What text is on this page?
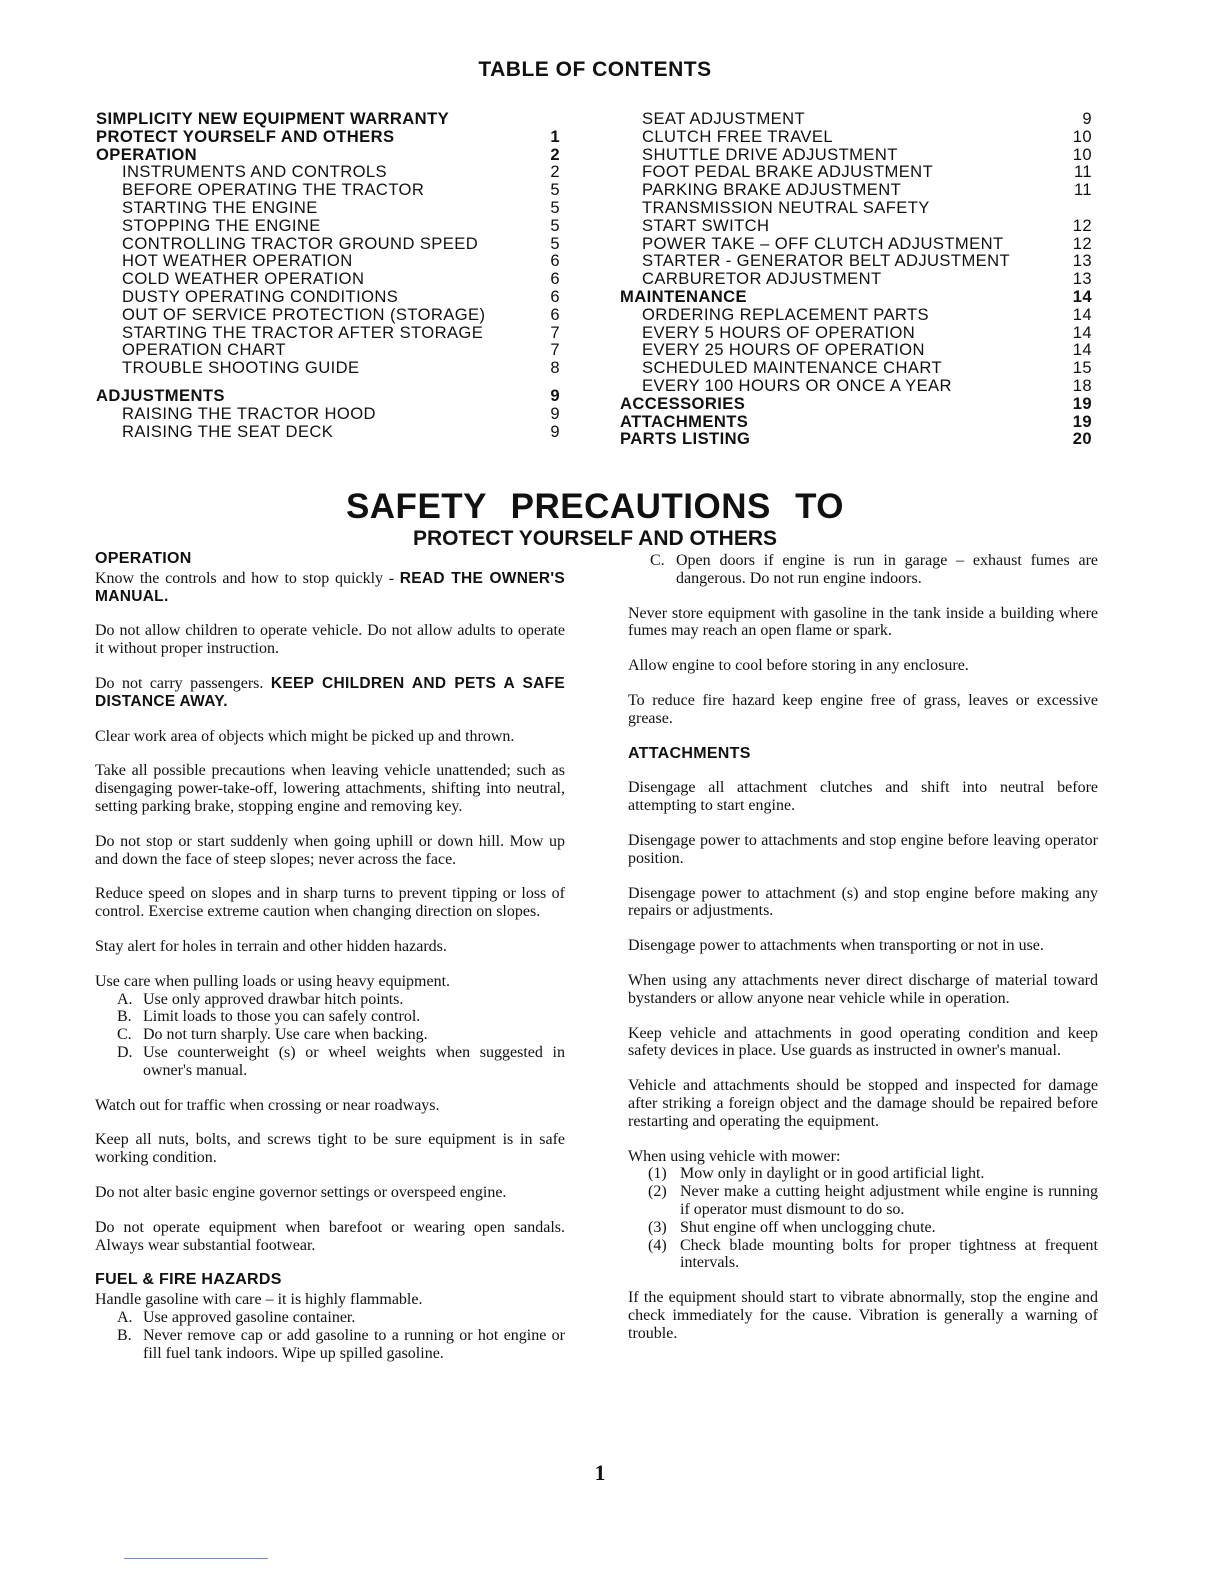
TABLE OF CONTENTS
SIMPLICITY NEW EQUIPMENT WARRANTY
PROTECT YOURSELF AND OTHERS	1
OPERATION	2
INSTRUMENTS AND CONTROLS	2
BEFORE OPERATING THE TRACTOR	5
STARTING THE ENGINE	5
STOPPING THE ENGINE	5
CONTROLLING TRACTOR GROUND SPEED	5
HOT WEATHER OPERATION	6
COLD WEATHER OPERATION	6
DUSTY OPERATING CONDITIONS	6
OUT OF SERVICE PROTECTION (STORAGE)	6
STARTING THE TRACTOR AFTER STORAGE	7
OPERATION CHART	7
TROUBLE SHOOTING GUIDE	8
ADJUSTMENTS	9
RAISING THE TRACTOR HOOD	9
RAISING THE SEAT DECK	9
SEAT ADJUSTMENT	9
CLUTCH FREE TRAVEL	10
SHUTTLE DRIVE ADJUSTMENT	10
FOOT PEDAL BRAKE ADJUSTMENT	11
PARKING BRAKE ADJUSTMENT	11
TRANSMISSION NEUTRAL SAFETY
START SWITCH	12
POWER TAKE – OFF CLUTCH ADJUSTMENT	12
STARTER - GENERATOR BELT ADJUSTMENT	13
CARBURETOR ADJUSTMENT	13
MAINTENANCE	14
ORDERING REPLACEMENT PARTS	14
EVERY 5 HOURS OF OPERATION	14
EVERY 25 HOURS OF OPERATION	14
SCHEDULED MAINTENANCE CHART	15
EVERY 100 HOURS OR ONCE A YEAR	18
ACCESSORIES	19
ATTACHMENTS	19
PARTS LISTING	20
SAFETY PRECAUTIONS TO
PROTECT YOURSELF AND OTHERS
OPERATION

Know the controls and how to stop quickly - READ THE OWNER'S MANUAL.

Do not allow children to operate vehicle. Do not allow adults to operate it without proper instruction.

Do not carry passengers. KEEP CHILDREN AND PETS A SAFE DISTANCE AWAY.

Clear work area of objects which might be picked up and thrown.

Take all possible precautions when leaving vehicle unattended; such as disengaging power-take-off, lowering attachments, shifting into neutral, setting parking brake, stopping engine and removing key.

Do not stop or start suddenly when going uphill or down hill. Mow up and down the face of steep slopes; never across the face.

Reduce speed on slopes and in sharp turns to prevent tipping or loss of control. Exercise extreme caution when changing direction on slopes.

Stay alert for holes in terrain and other hidden hazards.

Use care when pulling loads or using heavy equipment.
A. Use only approved drawbar hitch points.
B. Limit loads to those you can safely control.
C. Do not turn sharply. Use care when backing.
D. Use counterweight (s) or wheel weights when suggested in owner's manual.

Watch out for traffic when crossing or near roadways.

Keep all nuts, bolts, and screws tight to be sure equipment is in safe working condition.

Do not alter basic engine governor settings or overspeed engine.

Do not operate equipment when barefoot or wearing open sandals. Always wear substantial footwear.

FUEL & FIRE HAZARDS
Handle gasoline with care – it is highly flammable.
A. Use approved gasoline container.
B. Never remove cap or add gasoline to a running or hot engine or fill fuel tank indoors. Wipe up spilled gasoline.
C. Open doors if engine is run in garage – exhaust fumes are dangerous. Do not run engine indoors.

Never store equipment with gasoline in the tank inside a building where fumes may reach an open flame or spark.

Allow engine to cool before storing in any enclosure.

To reduce fire hazard keep engine free of grass, leaves or excessive grease.

ATTACHMENTS

Disengage all attachment clutches and shift into neutral before attempting to start engine.

Disengage power to attachments and stop engine before leaving operator position.

Disengage power to attachment (s) and stop engine before making any repairs or adjustments.

Disengage power to attachments when transporting or not in use.

When using any attachments never direct discharge of material toward bystanders or allow anyone near vehicle while in operation.

Keep vehicle and attachments in good operating condition and keep safety devices in place. Use guards as instructed in owner's manual.

Vehicle and attachments should be stopped and inspected for damage after striking a foreign object and the damage should be repaired before restarting and operating the equipment.

When using vehicle with mower:
(1) Mow only in daylight or in good artificial light.
(2) Never make a cutting height adjustment while engine is running if operator must dismount to do so.
(3) Shut engine off when unclogging chute.
(4) Check blade mounting bolts for proper tightness at frequent intervals.

If the equipment should start to vibrate abnormally, stop the engine and check immediately for the cause. Vibration is generally a warning of trouble.

1
